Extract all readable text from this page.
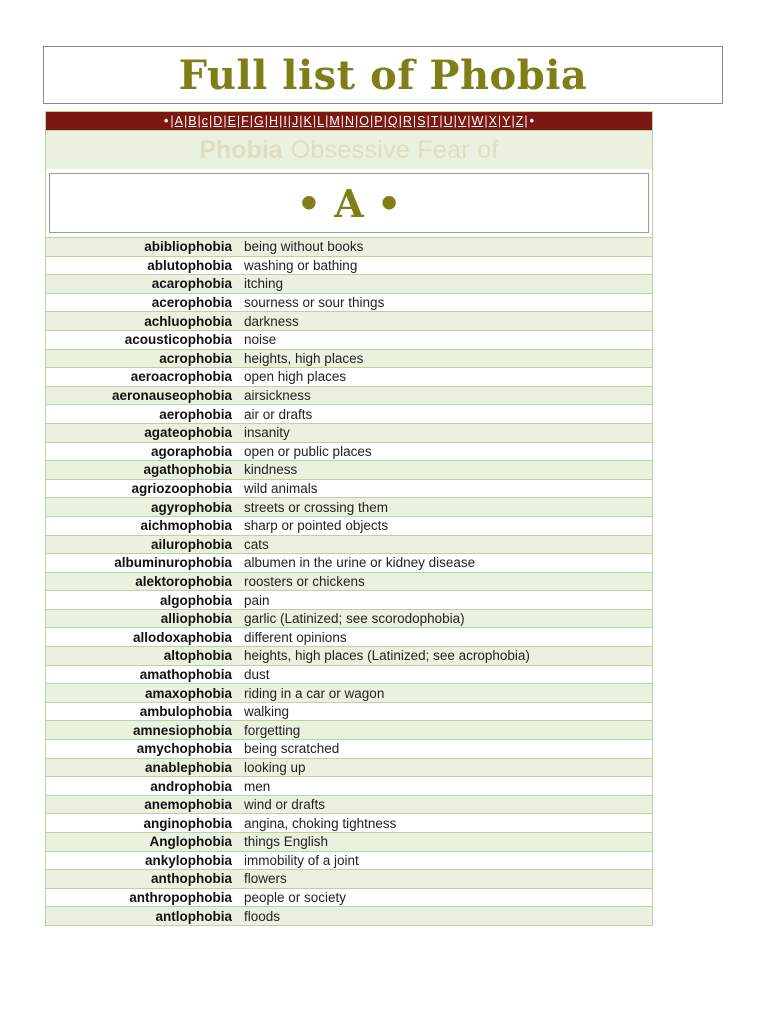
Full list of Phobia
• | A | B | c | D | E | F | G | H | I | J | K | L | M | N | O | P | Q | R | S | T | U | V | W | X | Y | Z | •
Phobia Obsessive Fear of
• A •
abibliophobia being without books
ablutophobia washing or bathing
acarophobia itching
acerophobia sourness or sour things
achluophobia darkness
acousticophobia noise
acrophobia heights, high places
aeroacrophobia open high places
aeronauseophobia airsickness
aerophobia air or drafts
agateophobia insanity
agoraphobia open or public places
agathophobia kindness
agriozoophobia wild animals
agyrophobia streets or crossing them
aichmophobia sharp or pointed objects
ailurophobia cats
albuminurophobia albumen in the urine or kidney disease
alektorophobia roosters or chickens
algophobia pain
alliophobia garlic (Latinized; see scorodophobia)
allodoxaphobia different opinions
altophobia heights, high places (Latinized; see acrophobia)
amathophobia dust
amaxophobia riding in a car or wagon
ambulophobia walking
amnesiophobia forgetting
amychophobia being scratched
anablephobia looking up
androphobia men
anemophobia wind or drafts
anginophobia angina, choking tightness
Anglophobia things English
ankylophobia immobility of a joint
anthophobia flowers
anthropophobia people or society
antlophobia floods
